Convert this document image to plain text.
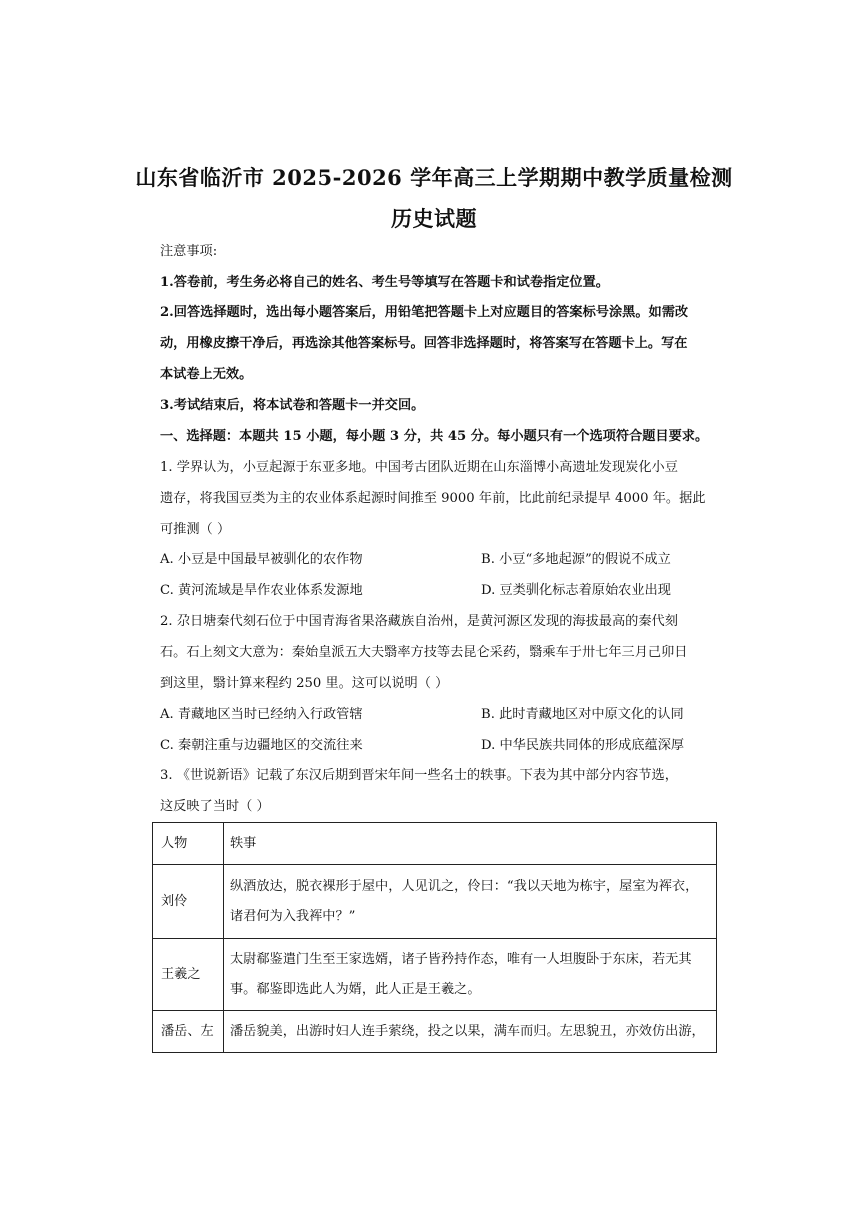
山东省临沂市 2025-2026 学年高三上学期期中教学质量检测
历史试题
注意事项:
1.答卷前，考生务必将自己的姓名、考生号等填写在答题卡和试卷指定位置。
2.回答选择题时，选出每小题答案后，用铅笔把答题卡上对应题目的答案标号涂黑。如需改
动，用橡皮擦干净后，再选涂其他答案标号。回答非选择题时，将答案写在答题卡上。写在
本试卷上无效。
3.考试结束后，将本试卷和答题卡一并交回。
一、选择题：本题共 15 小题，每小题 3 分，共 45 分。每小题只有一个选项符合题目要求。
1. 学界认为，小豆起源于东亚多地。中国考古团队近期在山东淄博小高遗址发现炭化小豆
遗存，将我国豆类为主的农业体系起源时间推至 9000 年前，比此前纪录提早 4000 年。据此
可推测（ ）
A. 小豆是中国最早被驯化的农作物	B. 小豆“多地起源”的假说不成立
C. 黄河流域是旱作农业体系发源地	D. 豆类驯化标志着原始农业出现
2. 尕日塘秦代刻石位于中国青海省果洛藏族自治州，是黄河源区发现的海拔最高的秦代刻
石。石上刻文大意为：秦始皇派五大夫翳率方技等去昆仑采药，翳乘车于卅七年三月己卯日
到这里，翳计算来程约 250 里。这可以说明（ ）
A. 青藏地区当时已经纳入行政管辖	B. 此时青藏地区对中原文化的认同
C. 秦朝注重与边疆地区的交流往来	D. 中华民族共同体的形成底蕴深厚
3. 《世说新语》记载了东汉后期到晋宋年间一些名士的轶事。下表为其中部分内容节选，
这反映了当时（ ）
人物	轶事
刘伶	纵酒放达，脱衣裸形于屋中，人见讥之，伶曰：“我以天地为栋宇，屋室为裈衣，
诸君何为入我裈中？”

王羲之	太尉郗鉴遣门生至王家选婿，诸子皆矜持作态，唯有一人坦腹卧于东床，若无其
事。郗鉴即选此人为婿，此人正是王羲之。

潘岳、左	潘岳貌美，出游时妇人连手萦绕，投之以果，满车而归。左思貌丑，亦效仿出游，
